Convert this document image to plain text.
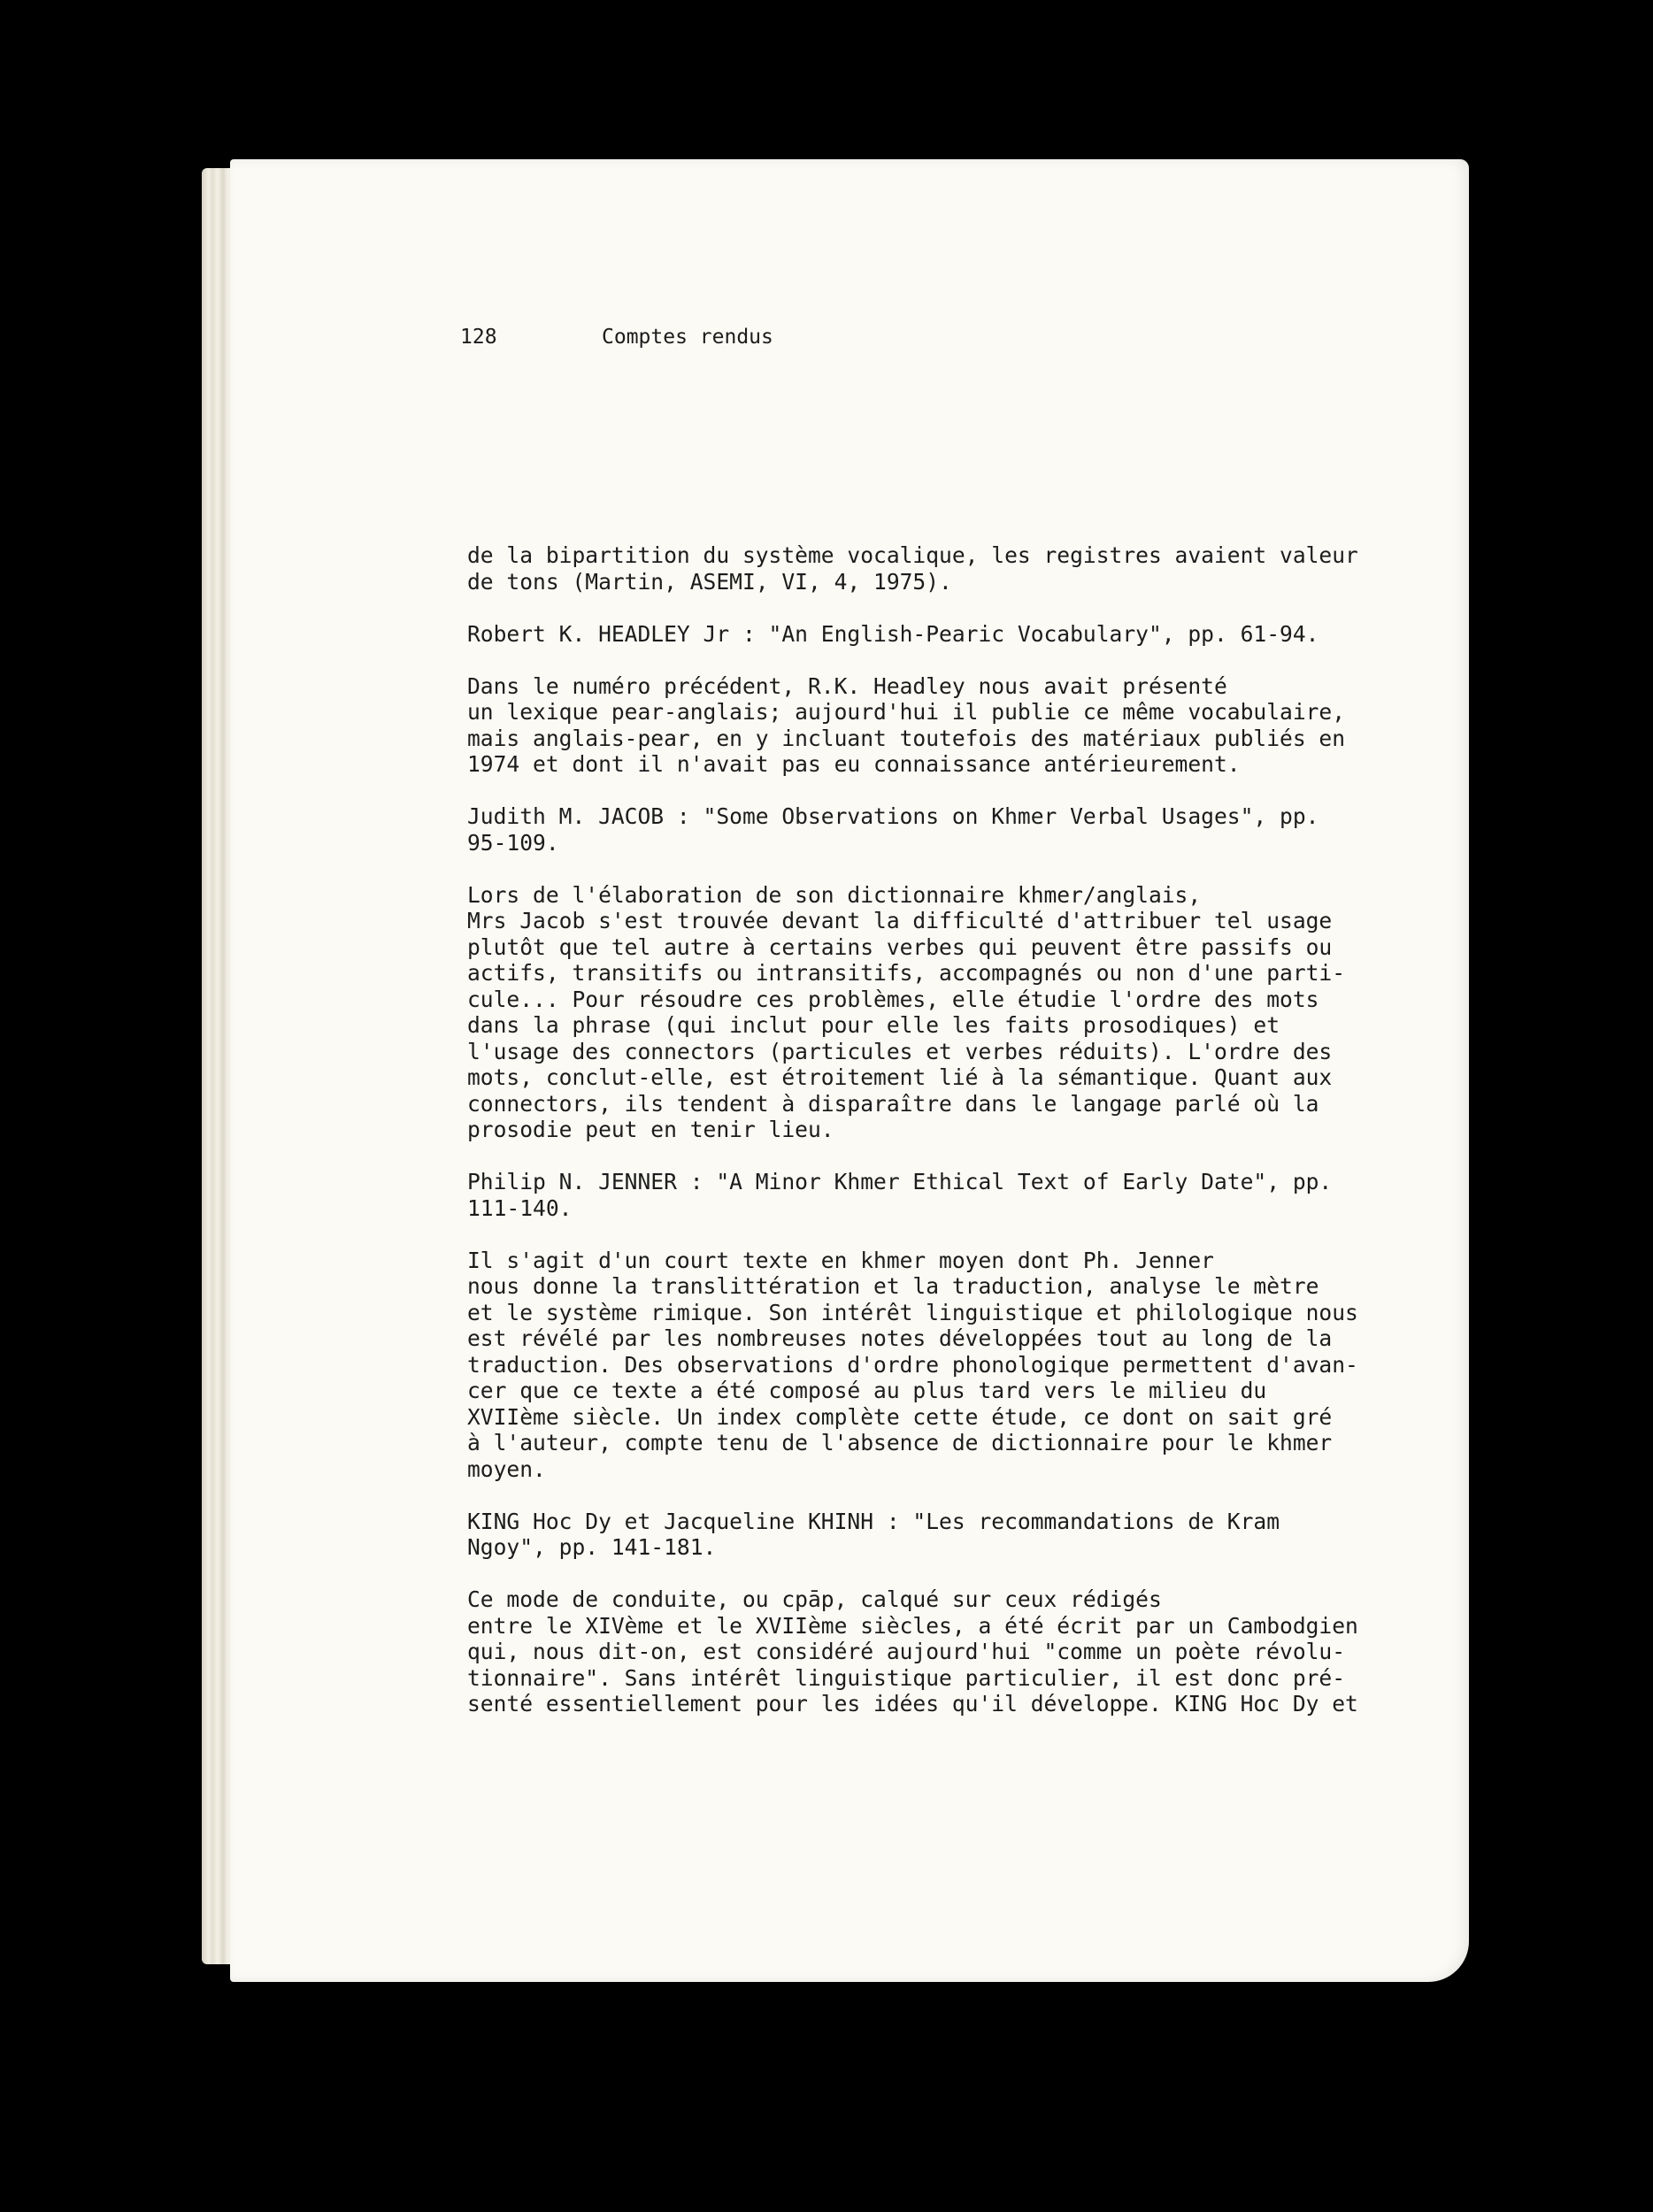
128	Comptes rendus

de la bipartition du système vocalique, les registres avaient valeur
de tons (Martin, ASEMI, VI, 4, 1975).

Robert K. HEADLEY Jr : "An English-Pearic Vocabulary", pp. 61-94.

Dans le numéro précédent, R.K. Headley nous avait présenté
un lexique pear-anglais; aujourd'hui il publie ce même vocabulaire,
mais anglais-pear, en y incluant toutefois des matériaux publiés en
1974 et dont il n'avait pas eu connaissance antérieurement.

Judith M. JACOB : "Some Observations on Khmer Verbal Usages", pp.
95-109.

Lors de l'élaboration de son dictionnaire khmer/anglais,
Mrs Jacob s'est trouvée devant la difficulté d'attribuer tel usage
plutôt que tel autre à certains verbes qui peuvent être passifs ou
actifs, transitifs ou intransitifs, accompagnés ou non d'une parti-
cule... Pour résoudre ces problèmes, elle étudie l'ordre des mots
dans la phrase (qui inclut pour elle les faits prosodiques) et
l'usage des connectors (particules et verbes réduits). L'ordre des
mots, conclut-elle, est étroitement lié à la sémantique. Quant aux
connectors, ils tendent à disparaître dans le langage parlé où la
prosodie peut en tenir lieu.

Philip N. JENNER : "A Minor Khmer Ethical Text of Early Date", pp.
111-140.

Il s'agit d'un court texte en khmer moyen dont Ph. Jenner
nous donne la translittération et la traduction, analyse le mètre
et le système rimique. Son intérêt linguistique et philologique nous
est révélé par les nombreuses notes développées tout au long de la
traduction. Des observations d'ordre phonologique permettent d'avan-
cer que ce texte a été composé au plus tard vers le milieu du
XVIIème siècle. Un index complète cette étude, ce dont on sait gré
à l'auteur, compte tenu de l'absence de dictionnaire pour le khmer
moyen.

KING Hoc Dy et Jacqueline KHINH : "Les recommandations de Kram
Ngoy", pp. 141-181.

Ce mode de conduite, ou cpāp, calqué sur ceux rédigés
entre le XIVème et le XVIIème siècles, a été écrit par un Cambodgien
qui, nous dit-on, est considéré aujourd'hui "comme un poète révolu-
tionnaire". Sans intérêt linguistique particulier, il est donc pré-
senté essentiellement pour les idées qu'il développe. KING Hoc Dy et
